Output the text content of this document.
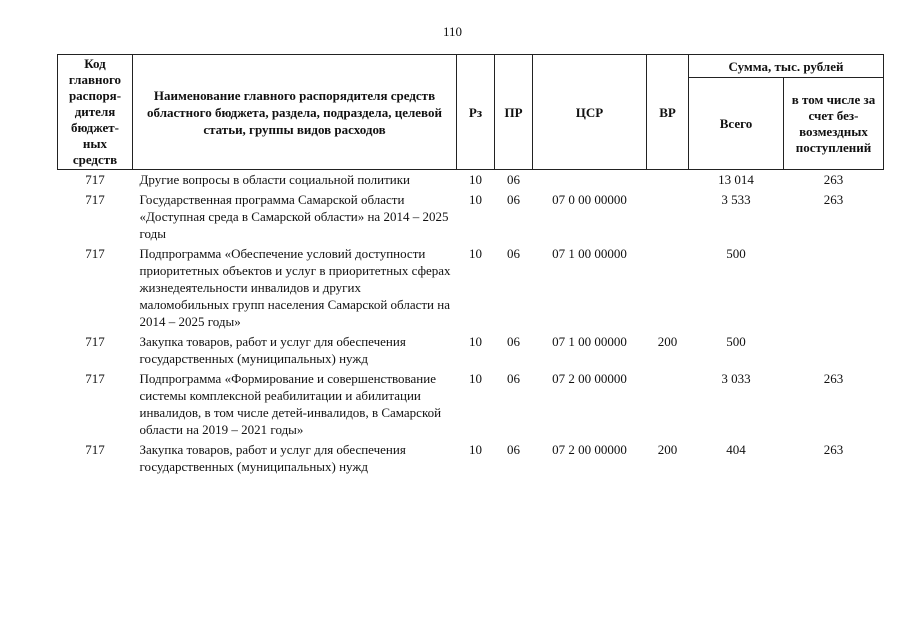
110
Код главного распоря-дителя бюджет-ных средств	Наименование главного распорядителя средств областного бюджета, раздела, подраздела, целевой статьи, группы видов расходов	Рз	ПР	ЦСР	ВР	Сумма, тыс. рублей	
						Всего	в том числе за счет без-возмездных поступлений
717	Другие вопросы в области социальной политики	10	06			13 014	263
717	Государственная программа Самарской области «Доступная среда в Самарской области» на 2014 – 2025 годы	10	06	07 0 00 00000		3 533	263
717	Подпрограмма «Обеспечение условий доступности приоритетных объектов и услуг в приоритетных сферах жизнедеятельности инвалидов и других маломобильных групп населения Самарской области на 2014 – 2025 годы»	10	06	07 1 00 00000		500	
717	Закупка товаров, работ и услуг для обеспечения государственных (муниципальных) нужд	10	06	07 1 00 00000	200	500	
717	Подпрограмма «Формирование и совершенствование системы комплексной реабилитации и абилитации инвалидов, в том числе детей-инвалидов, в Самарской области на 2019 – 2021 годы»	10	06	07 2 00 00000		3 033	263
717	Закупка товаров, работ и услуг для обеспечения государственных (муниципальных) нужд	10	06	07 2 00 00000	200	404	263
